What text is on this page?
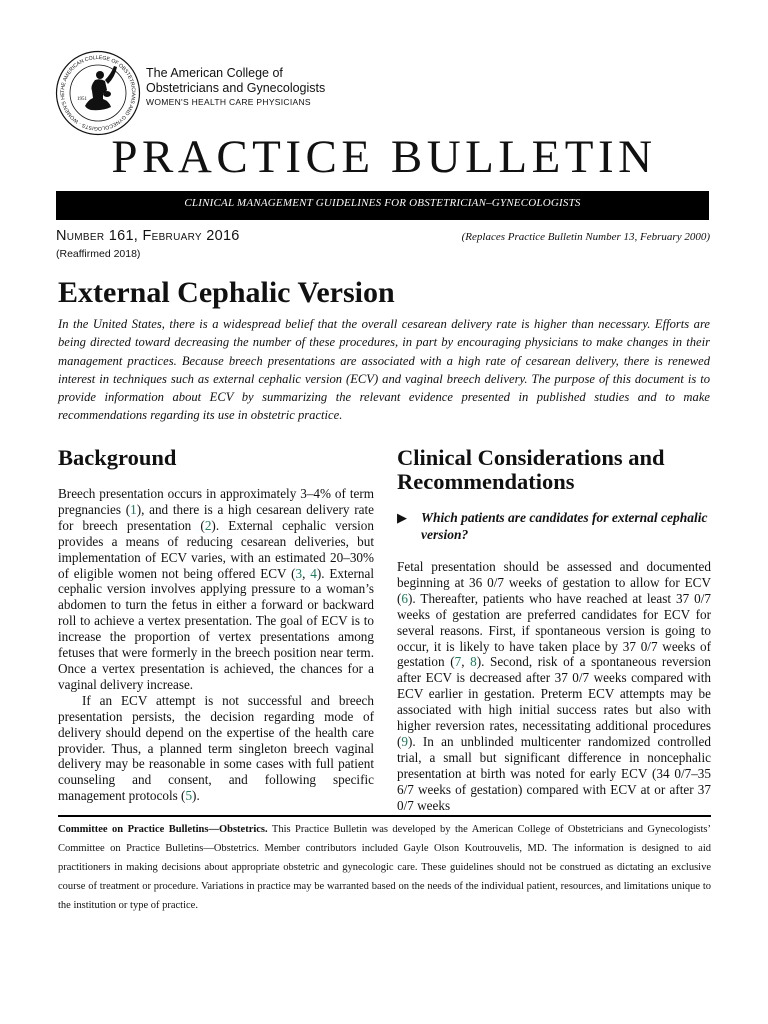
THE AMERICAN COLLEGE OF OBSTETRICIANS AND GYNECOLOGISTS · WOMEN'S HE
1951
The American College of
Obstetricians and Gynecologists
WOMEN'S HEALTH CARE PHYSICIANS
PRACTICE BULLETIN
CLINICAL MANAGEMENT GUIDELINES FOR OBSTETRICIAN–GYNECOLOGISTS
Number 161, February 2016	(Replaces Practice Bulletin Number 13, February 2000)
(Reaffirmed 2018)
External Cephalic Version

In the United States, there is a widespread belief that the overall cesarean delivery rate is higher than necessary. Efforts are being directed toward decreasing the number of these procedures, in part by encouraging physicians to make changes in their management practices. Because breech presentations are associated with a high rate of cesarean delivery, there is renewed interest in techniques such as external cephalic version (ECV) and vaginal breech delivery. The purpose of this document is to provide information about ECV by summarizing the relevant evidence presented in published studies and to make recommendations regarding its use in obstetric practice.

Background

Breech presentation occurs in approximately 3–4% of term pregnancies (1), and there is a high cesarean delivery rate for breech presentation (2). External cephalic version provides a means of reducing cesarean deliveries, but implementation of ECV varies, with an estimated 20–30% of eligible women not being offered ECV (3, 4). External cephalic version involves applying pressure to a woman’s abdomen to turn the fetus in either a forward or backward roll to achieve a vertex presentation. The goal of ECV is to increase the proportion of vertex presentations among fetuses that were formerly in the breech position near term. Once a vertex presentation is achieved, the chances for a vaginal delivery increase.

If an ECV attempt is not successful and breech presentation persists, the decision regarding mode of delivery should depend on the expertise of the health care provider. Thus, a planned term singleton breech vaginal delivery may be reasonable in some cases with full patient counseling and consent, and following specific management protocols (5).

Clinical Considerations and Recommendations
▶	Which patients are candidates for external cephalic version?

Fetal presentation should be assessed and documented beginning at 36 0/7 weeks of gestation to allow for ECV (6). Thereafter, patients who have reached at least 37 0/7 weeks of gestation are preferred candidates for ECV for several reasons. First, if spontaneous version is going to occur, it is likely to have taken place by 37 0/7 weeks of gestation (7, 8). Second, risk of a spontaneous reversion after ECV is decreased after 37 0/7 weeks compared with ECV earlier in gestation. Preterm ECV attempts may be associated with high initial success rates but also with higher reversion rates, necessitating additional procedures (9). In an unblinded multicenter randomized controlled trial, a small but significant difference in noncephalic presentation at birth was noted for early ECV (34 0/7–35 6/7 weeks of gestation) compared with ECV at or after 37 0/7 weeks

Committee on Practice Bulletins—Obstetrics. This Practice Bulletin was developed by the American College of Obstetricians and Gynecologists’ Committee on Practice Bulletins—Obstetrics. Member contributors included Gayle Olson Koutrouvelis, MD. The information is designed to aid practitioners in making decisions about appropriate obstetric and gynecologic care. These guidelines should not be construed as dictating an exclusive course of treatment or procedure. Variations in practice may be warranted based on the needs of the individual patient, resources, and limitations unique to the institution or type of practice.
